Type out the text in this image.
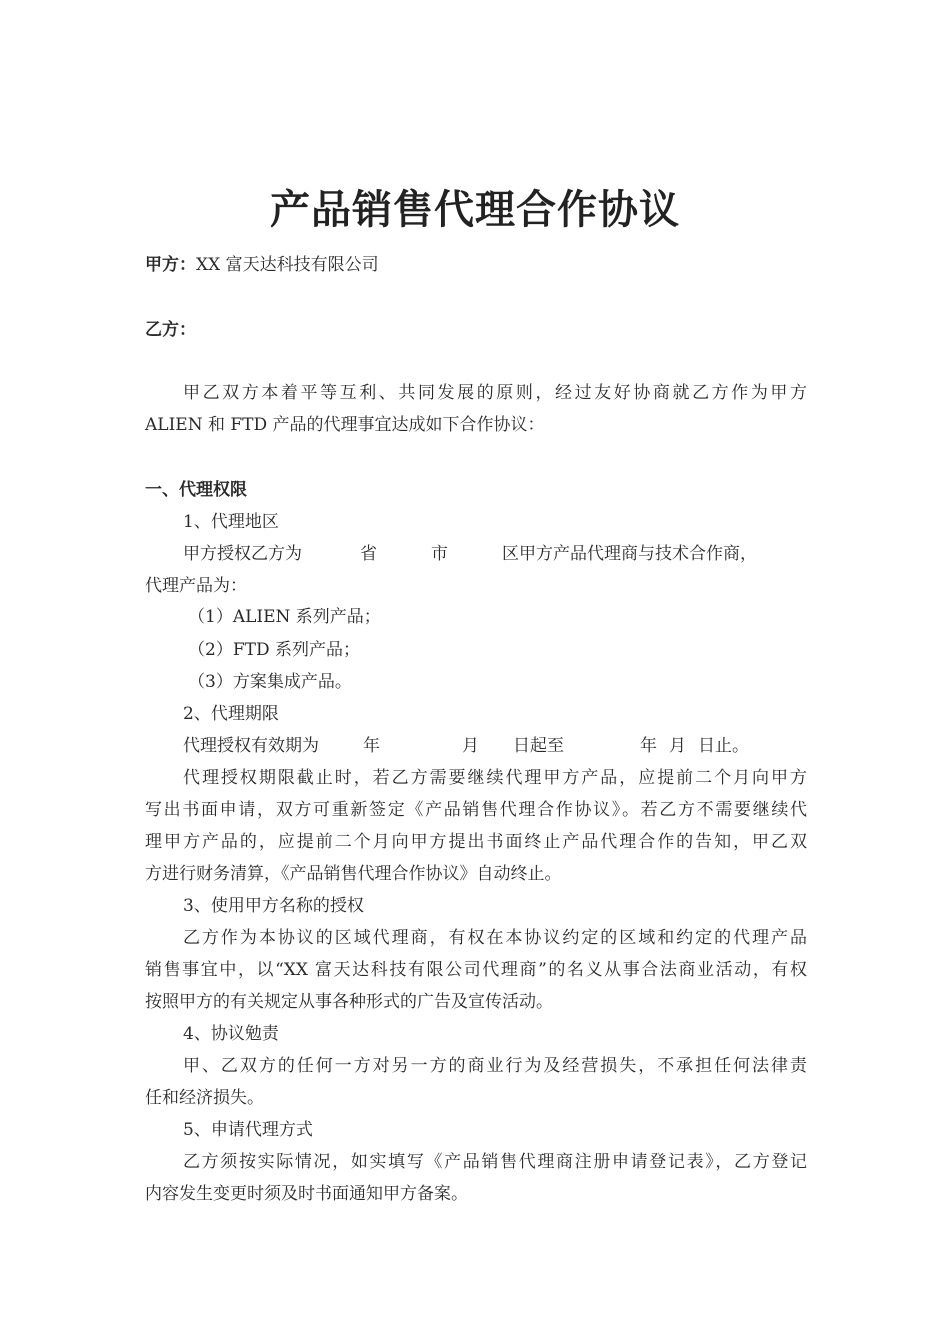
产品销售代理合作协议
甲方：XX 富天达科技有限公司
乙方：
甲乙双方本着平等互利、共同发展的原则，经过友好协商就乙方作为甲方
ALIEN 和 FTD 产品的代理事宜达成如下合作协议：
一、代理权限
1、代理地区
甲方授权乙方为	省	市	区甲方产品代理商与技术合作商，
代理产品为：
（1）ALIEN 系列产品；
（2）FTD 系列产品；
（3）方案集成产品。
2、代理期限
代理授权有效期为	年	月 日起至	年 月 日止。
代理授权期限截止时，若乙方需要继续代理甲方产品，应提前二个月向甲方
写出书面申请，双方可重新签定《产品销售代理合作协议》。若乙方不需要继续代
理甲方产品的，应提前二个月向甲方提出书面终止产品代理合作的告知，甲乙双
方进行财务清算，《产品销售代理合作协议》自动终止。
3、使用甲方名称的授权
乙方作为本协议的区域代理商，有权在本协议约定的区域和约定的代理产品
销售事宜中，以“XX 富天达科技有限公司代理商”的名义从事合法商业活动，有权
按照甲方的有关规定从事各种形式的广告及宣传活动。
4、协议勉责
甲、乙双方的任何一方对另一方的商业行为及经营损失，不承担任何法律责
任和经济损失。
5、申请代理方式
乙方须按实际情况，如实填写《产品销售代理商注册申请登记表》，乙方登记
内容发生变更时须及时书面通知甲方备案。
